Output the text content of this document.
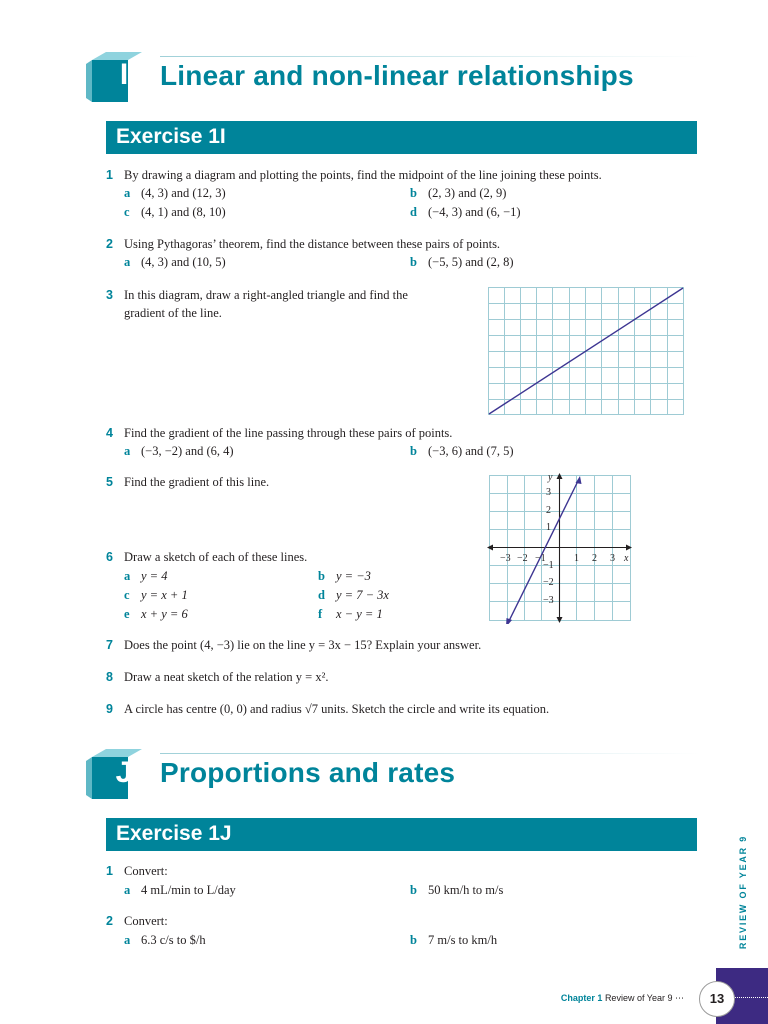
I	Linear and non-linear relationships
Exercise 1I
1 By drawing a diagram and plotting the points, find the midpoint of the line joining these points.
a (4, 3) and (12, 3)	b (2, 3) and (2, 9)
c (4, 1) and (8, 10)	d (−4, 3) and (6, −1)
2 Using Pythagoras’ theorem, find the distance between these pairs of points.
a (4, 3) and (10, 5)	b (−5, 5) and (2, 8)
3 In this diagram, draw a right-angled triangle and find the
gradient of the line.
4 Find the gradient of the line passing through these pairs of points.
a (−3, −2) and (6, 4)	b (−3, 6) and (7, 5)
5 Find the gradient of this line.	y
x
−3 −2 −1	1 2 3
3
2
1
−1
−2
−3
6 Draw a sketch of each of these lines.
a y = 4	b y = −3
c y = x + 1	d y = 7 − 3x
e x + y = 6	f x − y = 1
7 Does the point (4, −3) lie on the line y = 3x − 15? Explain your answer.
8 Draw a neat sketch of the relation y = x².
9 A circle has centre (0, 0) and radius √7 units. Sketch the circle and write its equation.
J Proportions and rates
Exercise 1J
1 Convert:
a 4 mL/min to L/day	b 50 km/h to m/s
2 Convert:
a 6.3 c/s to $/h	b 7 m/s to km/h	REVIEW OF YEAR 9
Chapter 1 Review of Year 9 ⋯	13
